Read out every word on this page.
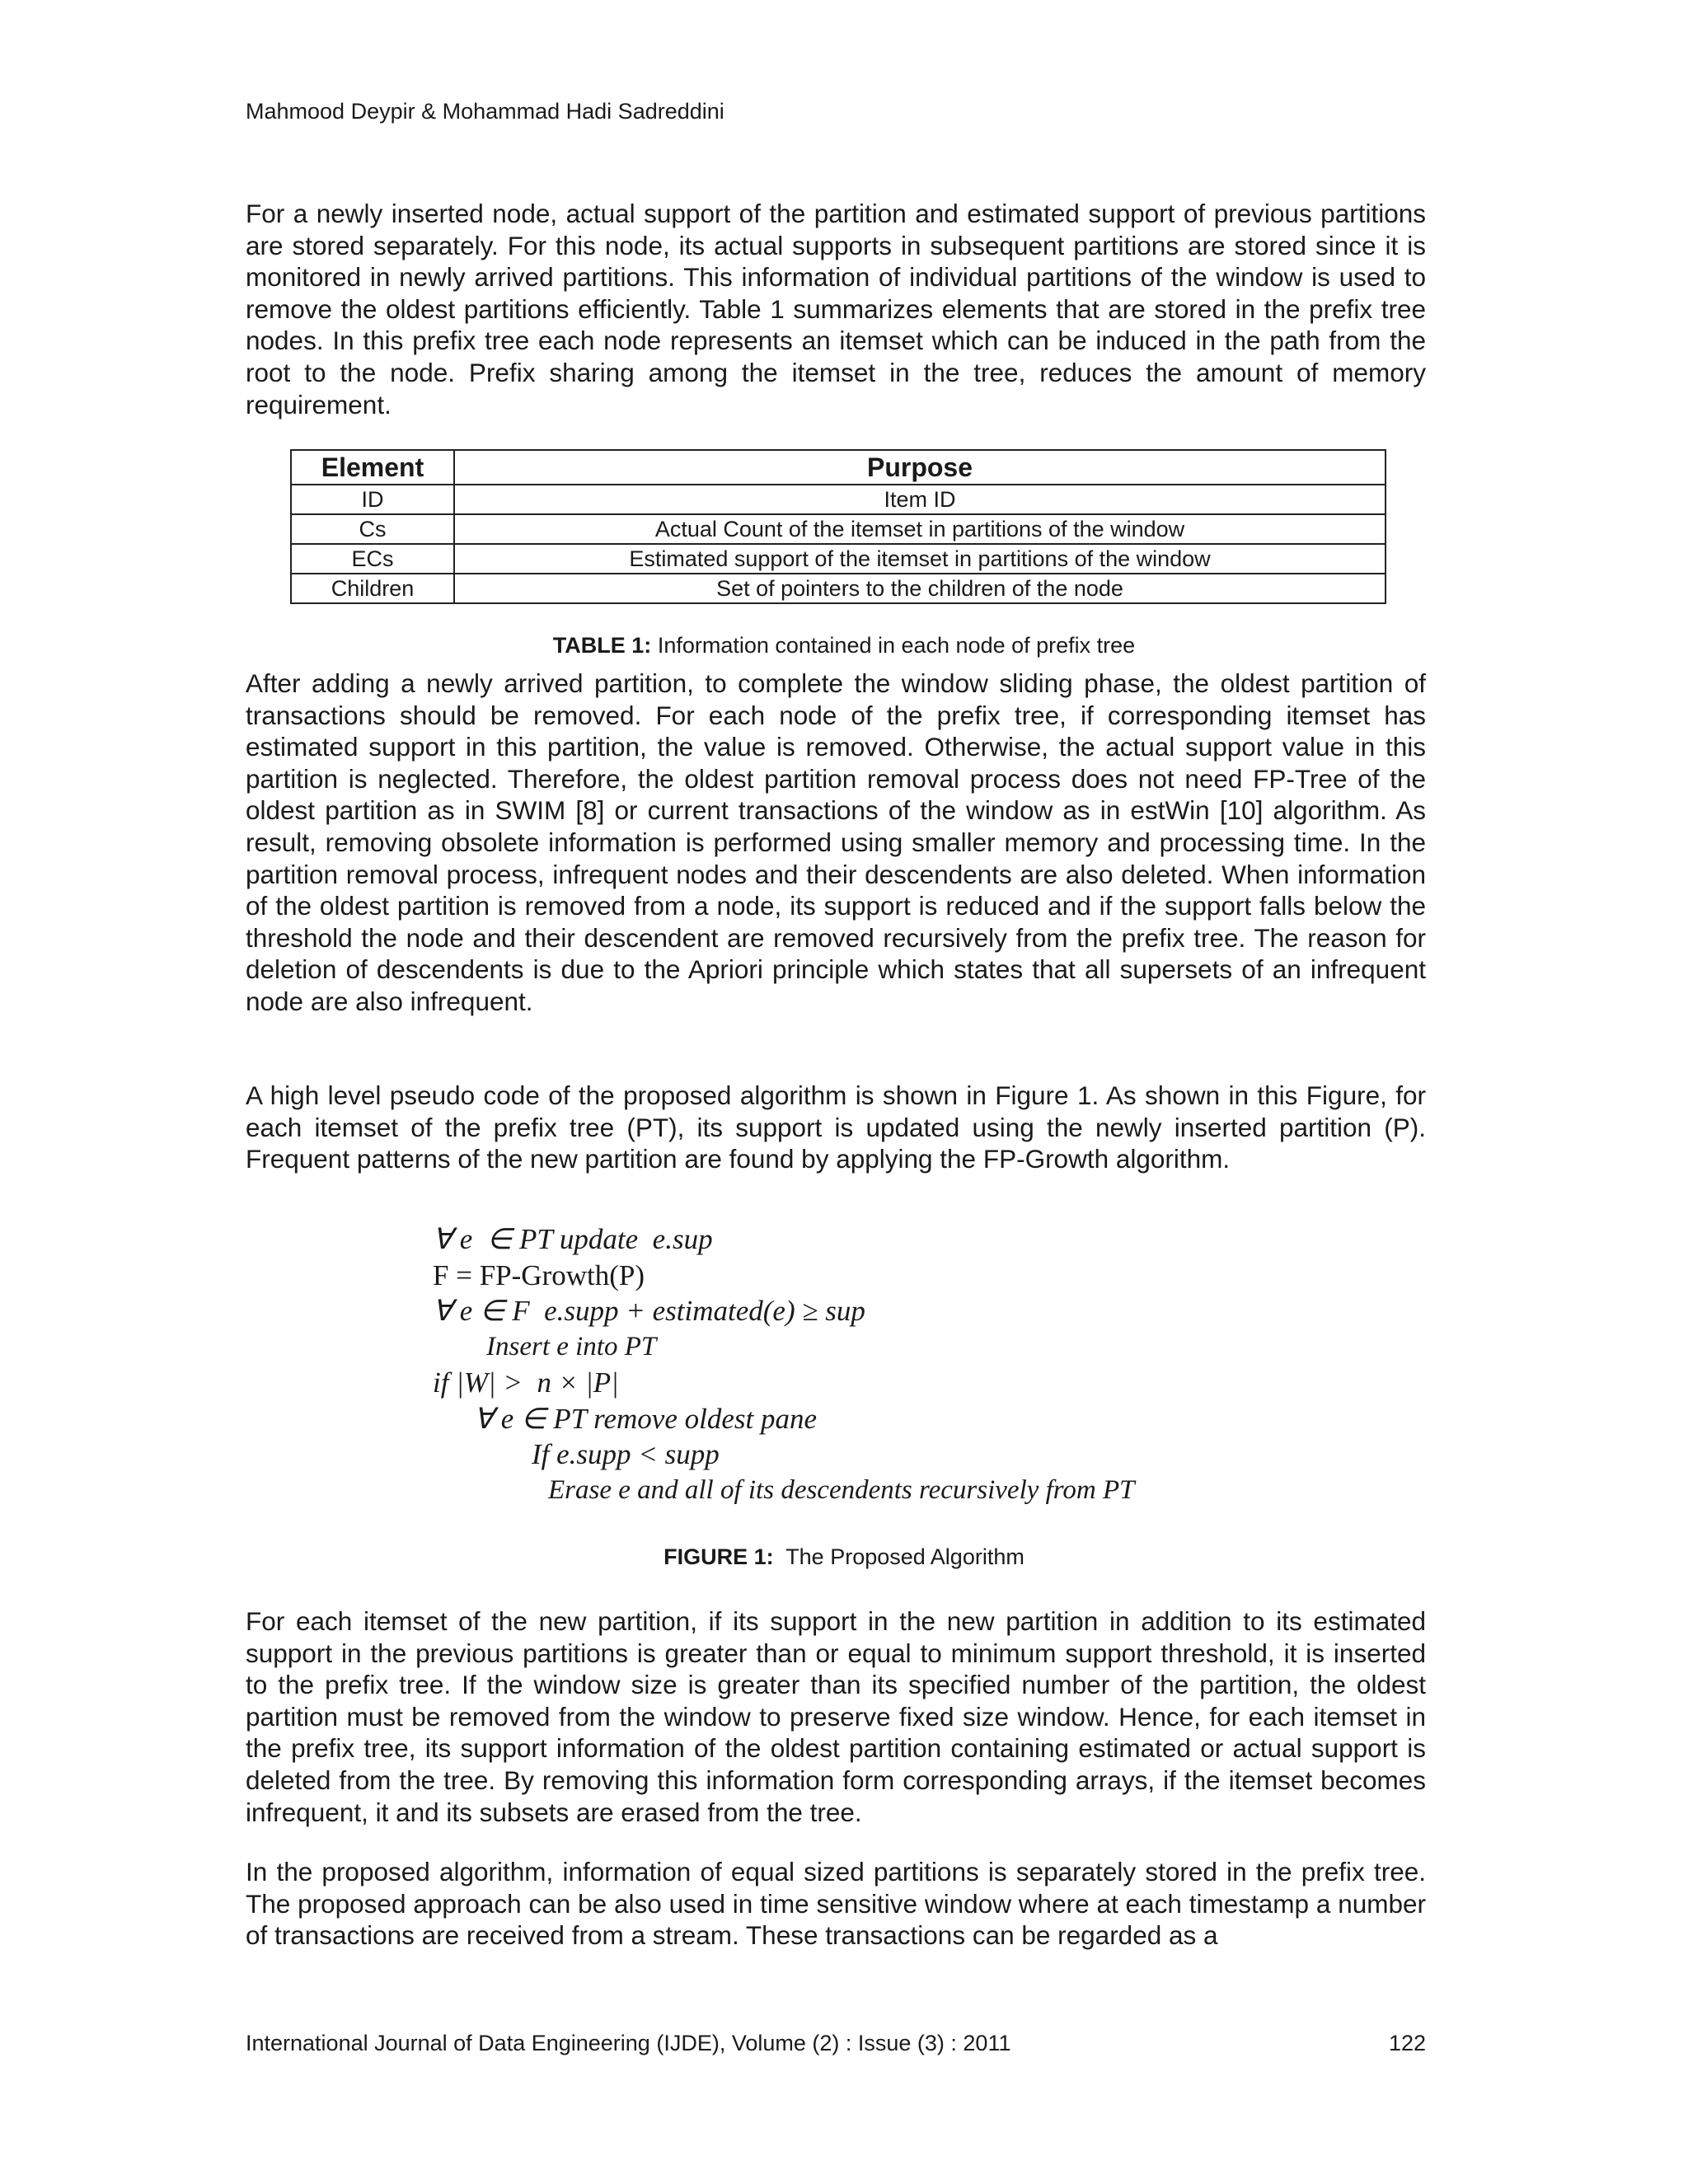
Mahmood Deypir & Mohammad Hadi Sadreddini

For a newly inserted node, actual support of the partition and estimated support of previous partitions are stored separately. For this node, its actual supports in subsequent partitions are stored since it is monitored in newly arrived partitions. This information of individual partitions of the window is used to remove the oldest partitions efficiently. Table 1 summarizes elements that are stored in the prefix tree nodes. In this prefix tree each node represents an itemset which can be induced in the path from the root to the node. Prefix sharing among the itemset in the tree, reduces the amount of memory requirement.

Element	Purpose
ID	Item ID
Cs	Actual Count of the itemset in partitions of the window
ECs	Estimated support of the itemset in partitions of the window
Children	Set of pointers to the children of the node
TABLE 1: Information contained in each node of prefix tree

After adding a newly arrived partition, to complete the window sliding phase, the oldest partition of transactions should be removed. For each node of the prefix tree, if corresponding itemset has estimated support in this partition, the value is removed. Otherwise, the actual support value in this partition is neglected. Therefore, the oldest partition removal process does not need FP-Tree of the oldest partition as in SWIM [8] or current transactions of the window as in estWin [10] algorithm. As result, removing obsolete information is performed using smaller memory and processing time. In the partition removal process, infrequent nodes and their descendents are also deleted. When information of the oldest partition is removed from a node, its support is reduced and if the support falls below the threshold the node and their descendent are removed recursively from the prefix tree. The reason for deletion of descendents is due to the Apriori principle which states that all supersets of an infrequent node are also infrequent.

A high level pseudo code of the proposed algorithm is shown in Figure 1. As shown in this Figure, for each itemset of the prefix tree (PT), its support is updated using the newly inserted partition (P). Frequent patterns of the new partition are found by applying the FP-Growth algorithm.

∀ e  ∈ PT update  e.sup
F = FP-Growth(P)
∀ e ∈ F  e.supp + estimated(e) ≥ sup
Insert e into PT
if |W| >  n × |P|
∀ e ∈ PT remove oldest pane
If e.supp < supp
Erase e and all of its descendents recursively from PT
FIGURE 1: The Proposed Algorithm

For each itemset of the new partition, if its support in the new partition in addition to its estimated support in the previous partitions is greater than or equal to minimum support threshold, it is inserted to the prefix tree. If the window size is greater than its specified number of the partition, the oldest partition must be removed from the window to preserve fixed size window. Hence, for each itemset in the prefix tree, its support information of the oldest partition containing estimated or actual support is deleted from the tree. By removing this information form corresponding arrays, if the itemset becomes infrequent, it and its subsets are erased from the tree.

In the proposed algorithm, information of equal sized partitions is separately stored in the prefix tree. The proposed approach can be also used in time sensitive window where at each timestamp a number of transactions are received from a stream. These transactions can be regarded as a

International Journal of Data Engineering (IJDE), Volume (2) : Issue (3) : 2011	122
